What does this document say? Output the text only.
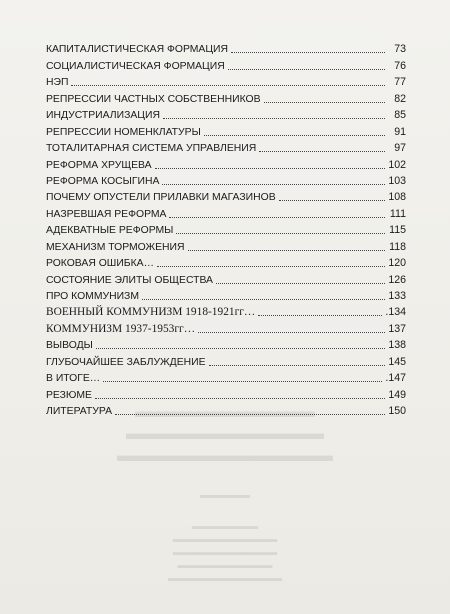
КАПИТАЛИСТИЧЕСКАЯ ФОРМАЦИЯ	73
СОЦИАЛИСТИЧЕСКАЯ ФОРМАЦИЯ	76
НЭП	77
РЕПРЕССИИ ЧАСТНЫХ СОБСТВЕННИКОВ	82
ИНДУСТРИАЛИЗАЦИЯ	85
РЕПРЕССИИ НОМЕНКЛАТУРЫ	91
ТОТАЛИТАРНАЯ СИСТЕМА УПРАВЛЕНИЯ	97
РЕФОРМА ХРУЩЕВА	102
РЕФОРМА КОСЫГИНА	103
ПОЧЕМУ ОПУСТЕЛИ ПРИЛАВКИ МАГАЗИНОВ	108
НАЗРЕВШАЯ РЕФОРМА	111
АДЕКВАТНЫЕ РЕФОРМЫ	115
МЕХАНИЗМ ТОРМОЖЕНИЯ	118
РОКОВАЯ ОШИБКА…	120
СОСТОЯНИЕ ЭЛИТЫ ОБЩЕСТВА	126
ПРО КОММУНИЗМ	133
ВОЕННЫЙ КОММУНИЗМ 1918-1921гг…	.134
КОММУНИЗМ 1937-1953гг…	137
ВЫВОДЫ	138
ГЛУБОЧАЙШЕЕ ЗАБЛУЖДЕНИЕ	145
В ИТОГЕ…	.147
РЕЗЮМЕ	149
ЛИТЕРАТУРА	150
▬▬▬▬▬▬▬▬▬▬
▬▬▬▬▬▬▬▬▬▬▬
▬▬▬▬▬▬▬▬▬▬▬▬
▬▬▬▬▬
▬▬▬▬▬▬▬
▬▬▬▬▬▬▬▬▬▬▬
▬▬▬▬▬▬▬▬▬▬▬
▬▬▬▬▬▬▬▬▬▬
▬▬▬▬▬▬▬▬▬▬▬▬
